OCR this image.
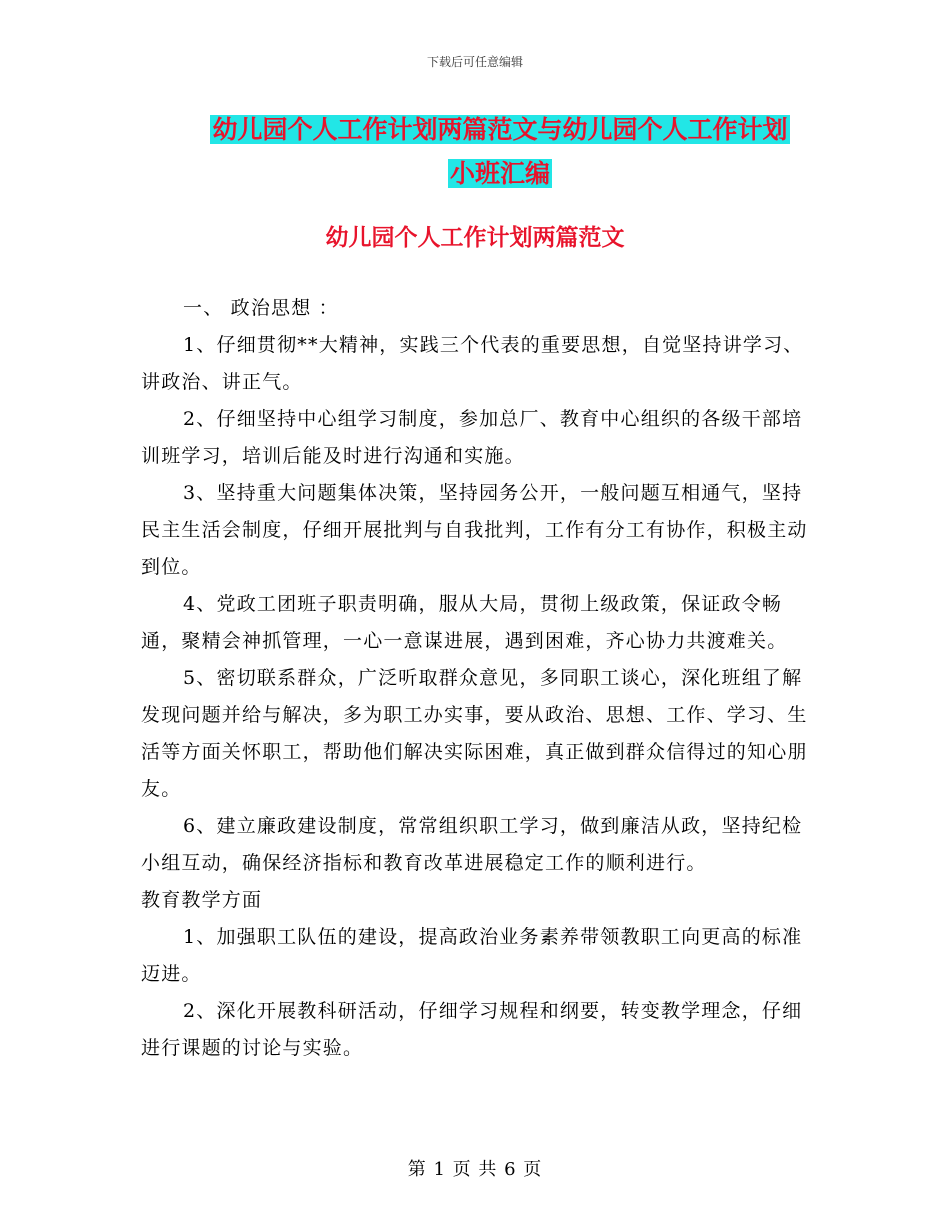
下载后可任意编辑
幼儿园个人工作计划两篇范文与幼儿园个人工作计划
小班汇编
幼儿园个人工作计划两篇范文

一、 政治思想 ：

1、仔细贯彻**大精神，实践三个代表的重要思想，自觉坚持讲学习、讲政治、讲正气。

2、仔细坚持中心组学习制度，参加总厂、教育中心组织的各级干部培训班学习，培训后能及时进行沟通和实施。

3、坚持重大问题集体决策，坚持园务公开，一般问题互相通气，坚持民主生活会制度，仔细开展批判与自我批判，工作有分工有协作，积极主动到位。

4、党政工团班子职责明确，服从大局，贯彻上级政策，保证政令畅通，聚精会神抓管理，一心一意谋进展，遇到困难，齐心协力共渡难关。

5、密切联系群众，广泛听取群众意见，多同职工谈心，深化班组了解发现问题并给与解决，多为职工办实事，要从政治、思想、工作、学习、生活等方面关怀职工，帮助他们解决实际困难，真正做到群众信得过的知心朋友。

6、建立廉政建设制度，常常组织职工学习，做到廉洁从政，坚持纪检小组互动，确保经济指标和教育改革进展稳定工作的顺利进行。

教育教学方面

1、加强职工队伍的建设，提高政治业务素养带领教职工向更高的标准迈进。

2、深化开展教科研活动，仔细学习规程和纲要，转变教学理念，仔细进行课题的讨论与实验。

第 1 页 共 6 页
